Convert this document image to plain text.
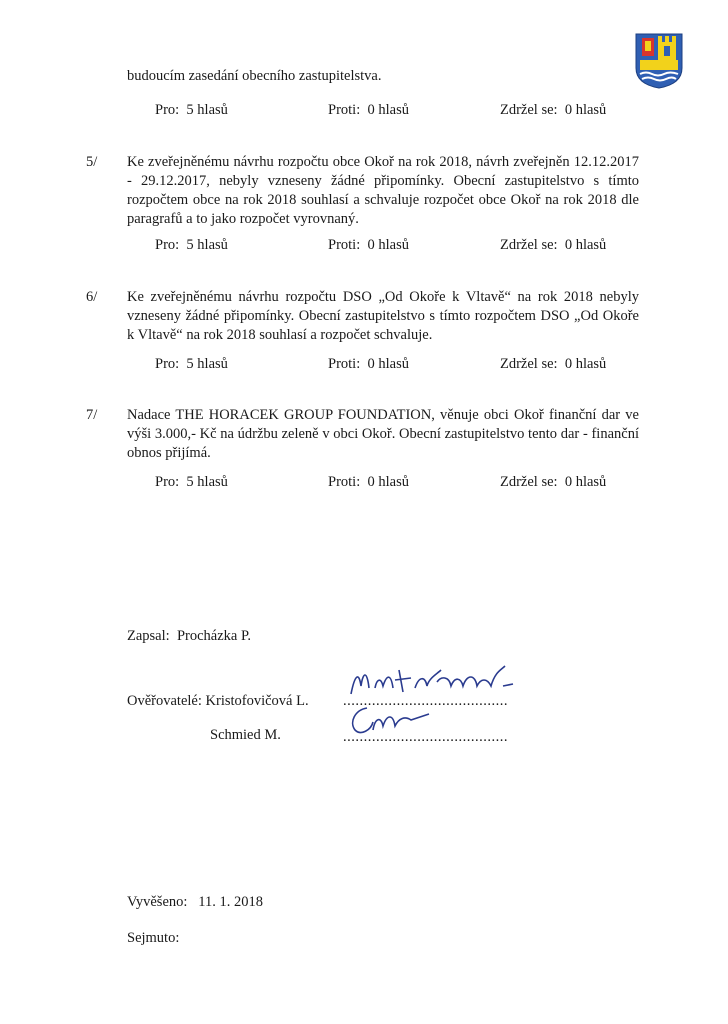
budoucím zasedání obecního zastupitelstva.
Pro: 5 hlasů	Proti: 0 hlasů	Zdržel se: 0 hlasů
5/ Ke zveřejněnému návrhu rozpočtu obce Okoř na rok 2018, návrh zveřejněn 12.12.2017 - 29.12.2017, nebyly vzneseny žádné připomínky. Obecní zastupitelstvo s tímto rozpočtem obce na rok 2018 souhlasí a schvaluje rozpočet obce Okoř na rok 2018 dle paragrafů a to jako rozpočet vyrovnaný.
Pro: 5 hlasů	Proti: 0 hlasů	Zdržel se: 0 hlasů
6/ Ke zveřejněnému návrhu rozpočtu DSO „Od Okoře k Vltavě“ na rok 2018 nebyly vzneseny žádné připomínky. Obecní zastupitelstvo s tímto rozpočtem DSO „Od Okoře k Vltavě“ na rok 2018 souhlasí a rozpočet schvaluje.
Pro: 5 hlasů	Proti: 0 hlasů	Zdržel se: 0 hlasů
7/ Nadace THE HORACEK GROUP FOUNDATION, věnuje obci Okoř finanční dar ve výši 3.000,- Kč na údržbu zeleně v obci Okoř. Obecní zastupitelstvo tento dar - finanční obnos přijímá.
Pro: 5 hlasů	Proti: 0 hlasů	Zdržel se: 0 hlasů
Zapsal: Procházka P.
Ověřovatelé: Kristofovičová L. ........................................
Schmied M.	........................................
Vyvěšeno: 11. 1. 2018
Sejmuto:
